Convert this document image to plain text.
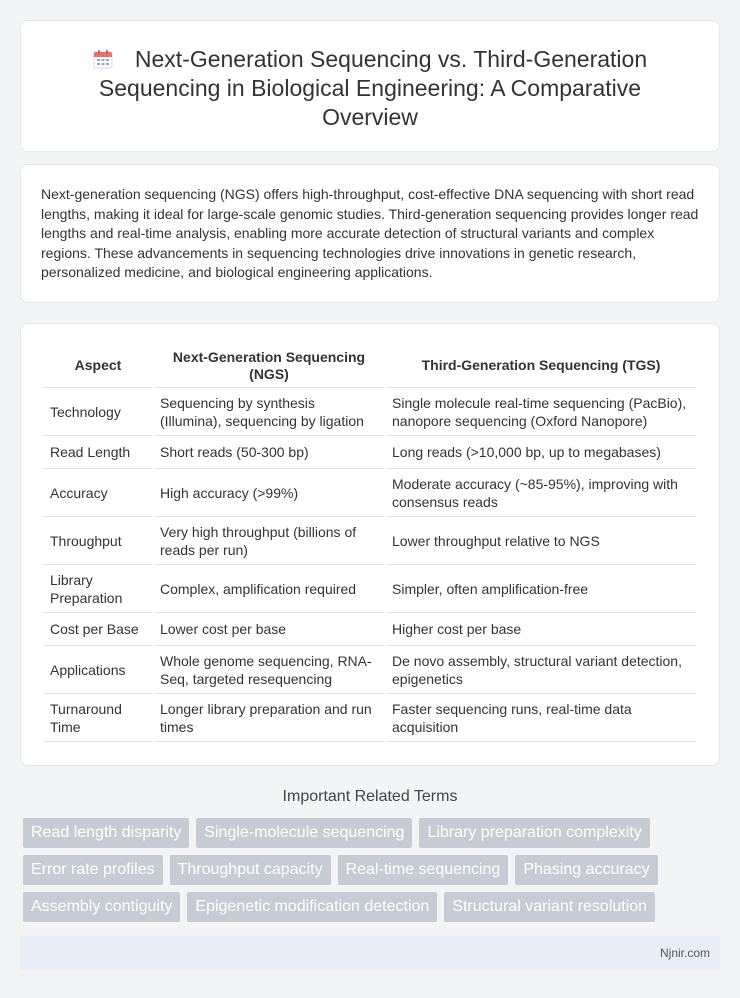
Next-Generation Sequencing vs. Third-Generation Sequencing in Biological Engineering: A Comparative Overview

Next-generation sequencing (NGS) offers high-throughput, cost-effective DNA sequencing with short read lengths, making it ideal for large-scale genomic studies. Third-generation sequencing provides longer read lengths and real-time analysis, enabling more accurate detection of structural variants and complex regions. These advancements in sequencing technologies drive innovations in genetic research, personalized medicine, and biological engineering applications.

Aspect	Next-Generation Sequencing (NGS)	Third-Generation Sequencing (TGS)
Technology	Sequencing by synthesis (Illumina), sequencing by ligation	Single molecule real-time sequencing (PacBio), nanopore sequencing (Oxford Nanopore)
Read Length	Short reads (50-300 bp)	Long reads (>10,000 bp, up to megabases)
Accuracy	High accuracy (>99%)	Moderate accuracy (~85-95%), improving with consensus reads
Throughput	Very high throughput (billions of reads per run)	Lower throughput relative to NGS
Library Preparation	Complex, amplification required	Simpler, often amplification-free
Cost per Base	Lower cost per base	Higher cost per base
Applications	Whole genome sequencing, RNA-Seq, targeted resequencing	De novo assembly, structural variant detection, epigenetics
Turnaround Time	Longer library preparation and run times	Faster sequencing runs, real-time data acquisition
Important Related Terms
Read length disparity	Single-molecule sequencing	Library preparation complexity
Error rate profiles	Throughput capacity	Real-time sequencing	Phasing accuracy
Assembly contiguity	Epigenetic modification detection	Structural variant resolution
Njnir.com
